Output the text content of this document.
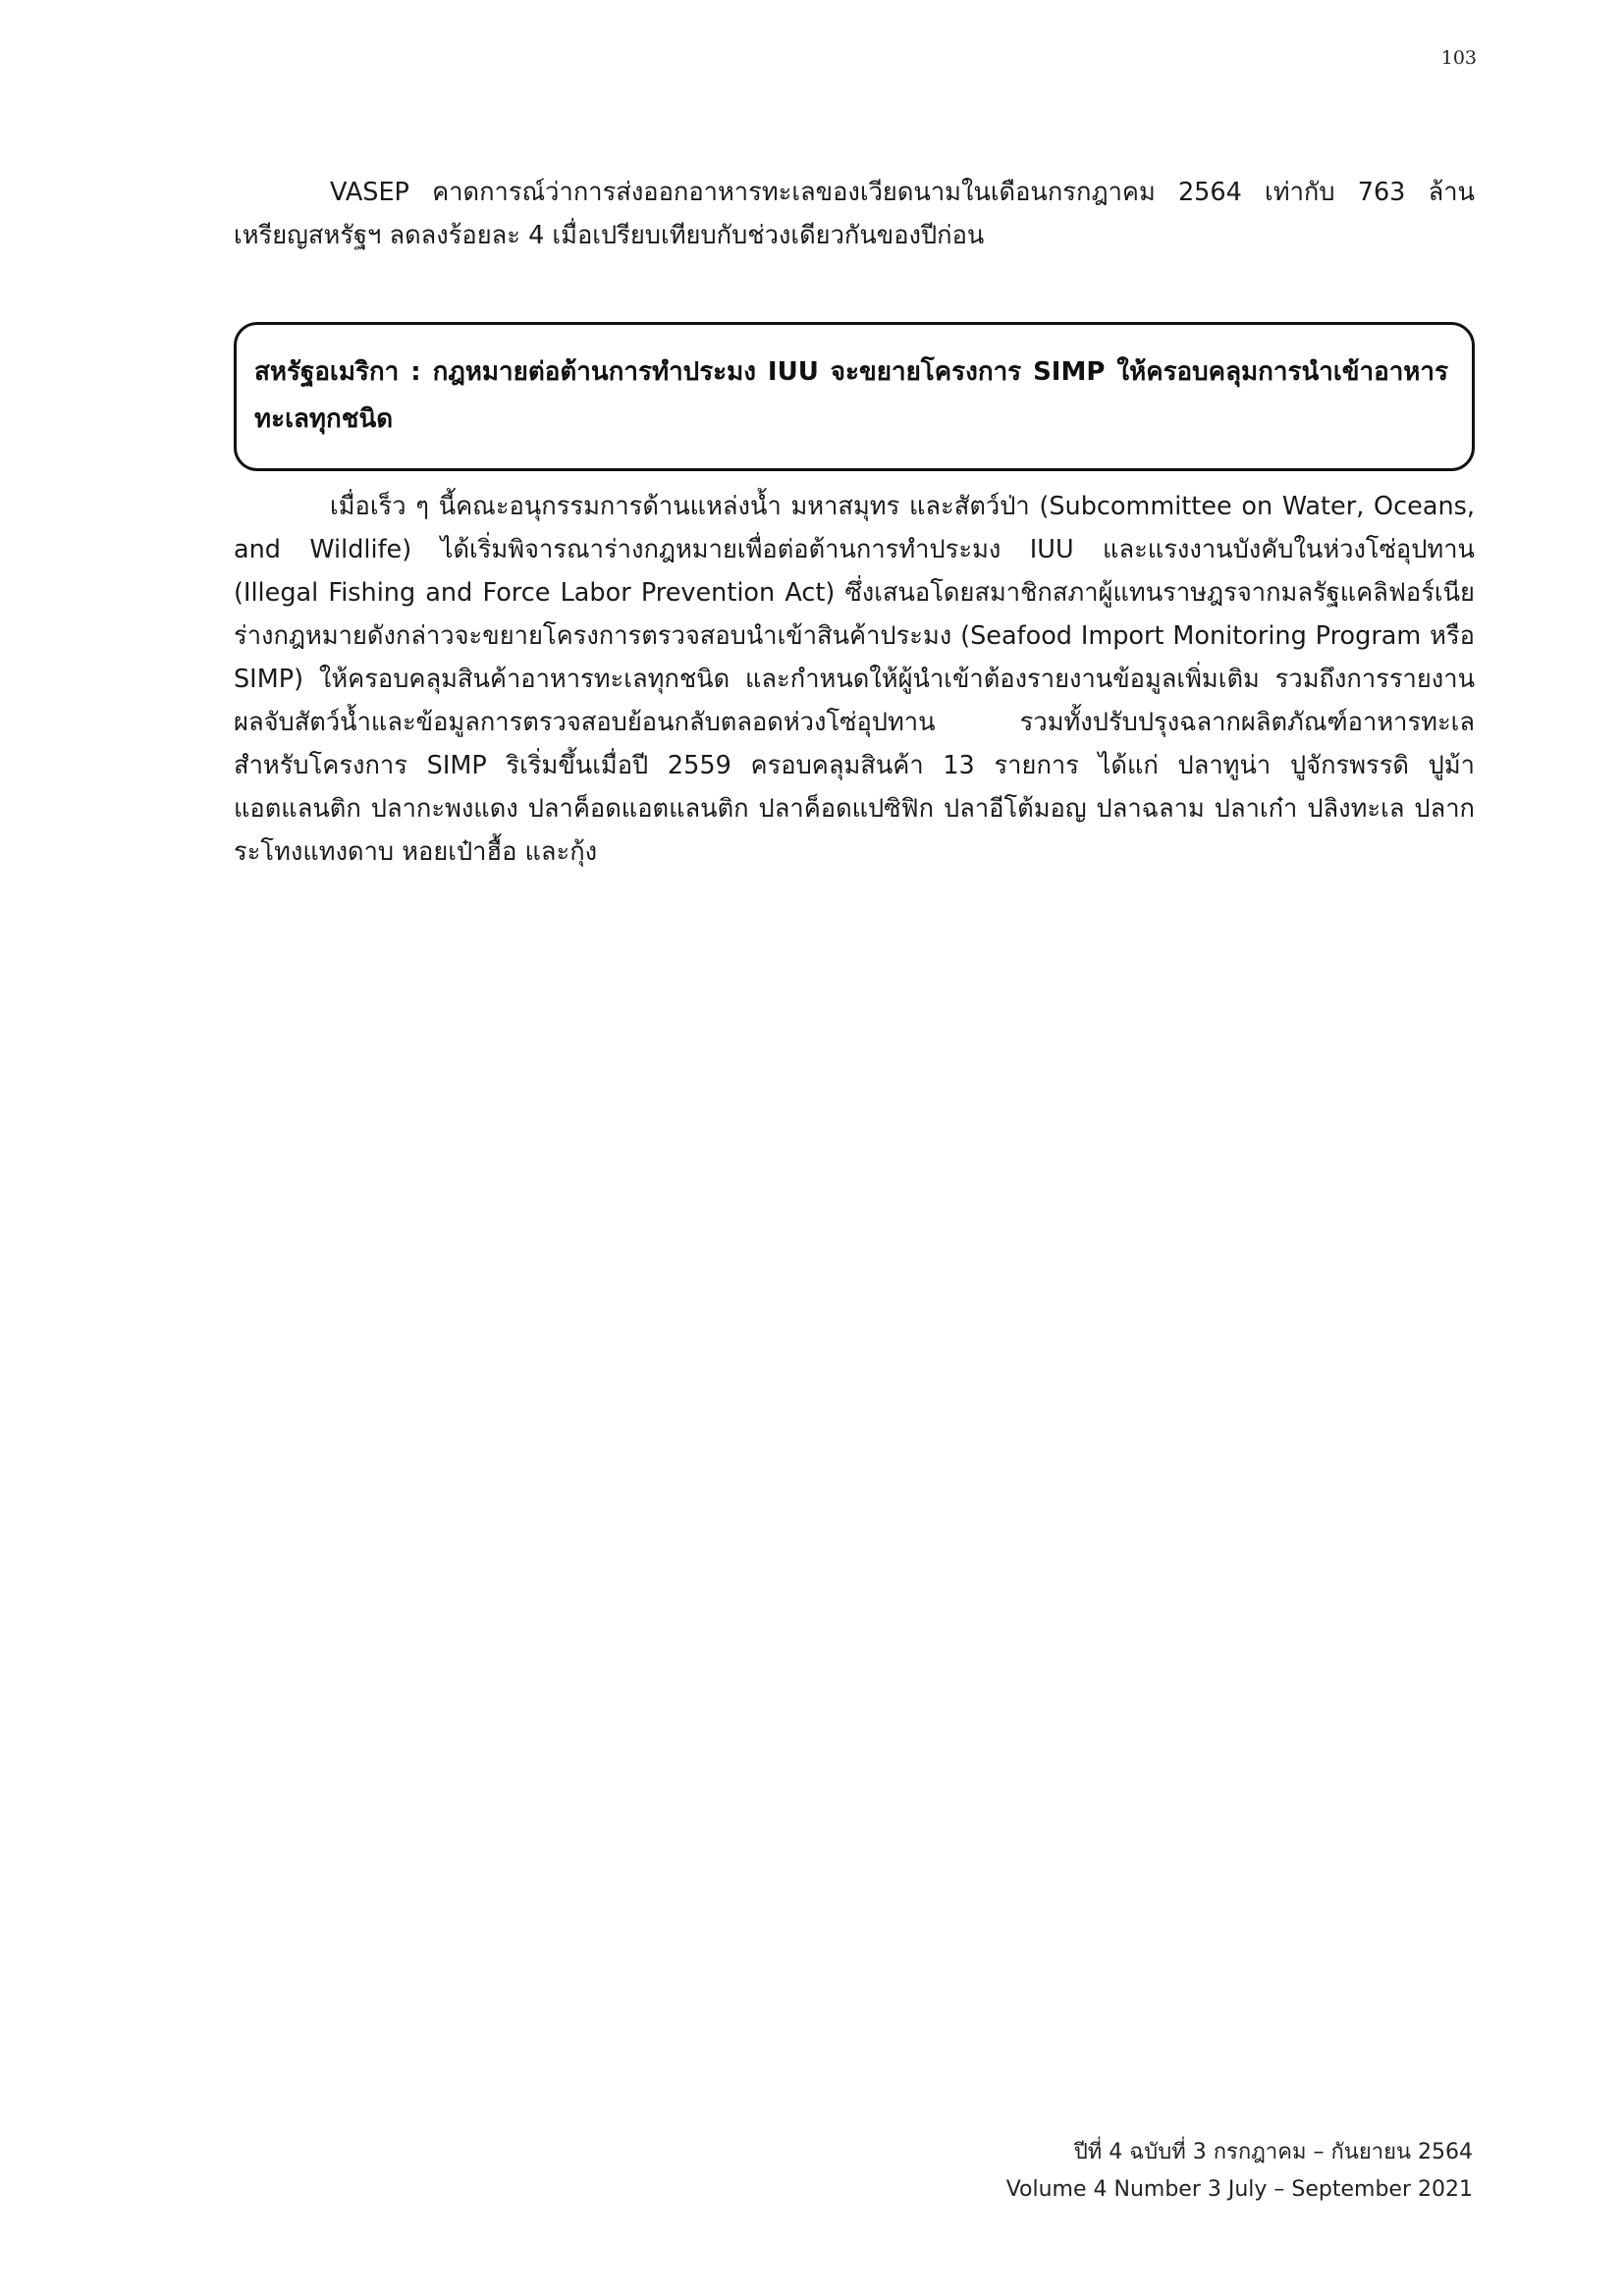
103

VASEP คาดการณ์ว่าการส่งออกอาหารทะเลของเวียดนามในเดือนกรกฎาคม 2564 เท่ากับ 763 ล้านเหรียญสหรัฐฯ ลดลงร้อยละ 4 เมื่อเปรียบเทียบกับช่วงเดียวกันของปีก่อน

สหรัฐอเมริกา : กฎหมายต่อต้านการทำประมง IUU จะขยายโครงการ SIMP ให้ครอบคลุมการนำเข้าอาหารทะเลทุกชนิด

เมื่อเร็ว ๆ นี้คณะอนุกรรมการด้านแหล่งน้ำ มหาสมุทร และสัตว์ป่า (Subcommittee on Water, Oceans, and Wildlife) ได้เริ่มพิจารณาร่างกฎหมายเพื่อต่อต้านการทำประมง IUU และแรงงานบังคับในห่วงโซ่อุปทาน (Illegal Fishing and Force Labor Prevention Act) ซึ่งเสนอโดยสมาชิกสภาผู้แทนราษฎรจากมลรัฐแคลิฟอร์เนีย ร่างกฎหมายดังกล่าวจะขยายโครงการตรวจสอบนำเข้าสินค้าประมง (Seafood Import Monitoring Program หรือ SIMP) ให้ครอบคลุมสินค้าอาหารทะเลทุกชนิด และกำหนดให้ผู้นำเข้าต้องรายงานข้อมูลเพิ่มเติม รวมถึงการรายงานผลจับสัตว์น้ำและข้อมูลการตรวจสอบย้อนกลับตลอดห่วงโซ่อุปทาน รวมทั้งปรับปรุงฉลากผลิตภัณฑ์อาหารทะเล สำหรับโครงการ SIMP ริเริ่มขึ้นเมื่อปี 2559 ครอบคลุมสินค้า 13 รายการ ได้แก่ ปลาทูน่า ปูจักรพรรดิ ปูม้าแอตแลนติก ปลากะพงแดง ปลาค็อดแอตแลนติก ปลาค็อดแปซิฟิก ปลาอีโต้มอญ ปลาฉลาม ปลาเก๋า ปลิงทะเล ปลากระโทงแทงดาบ หอยเป๋าฮื้อ และกุ้ง

ปีที่ 4 ฉบับที่ 3 กรกฎาคม – กันยายน 2564
Volume 4 Number 3 July – September 2021
